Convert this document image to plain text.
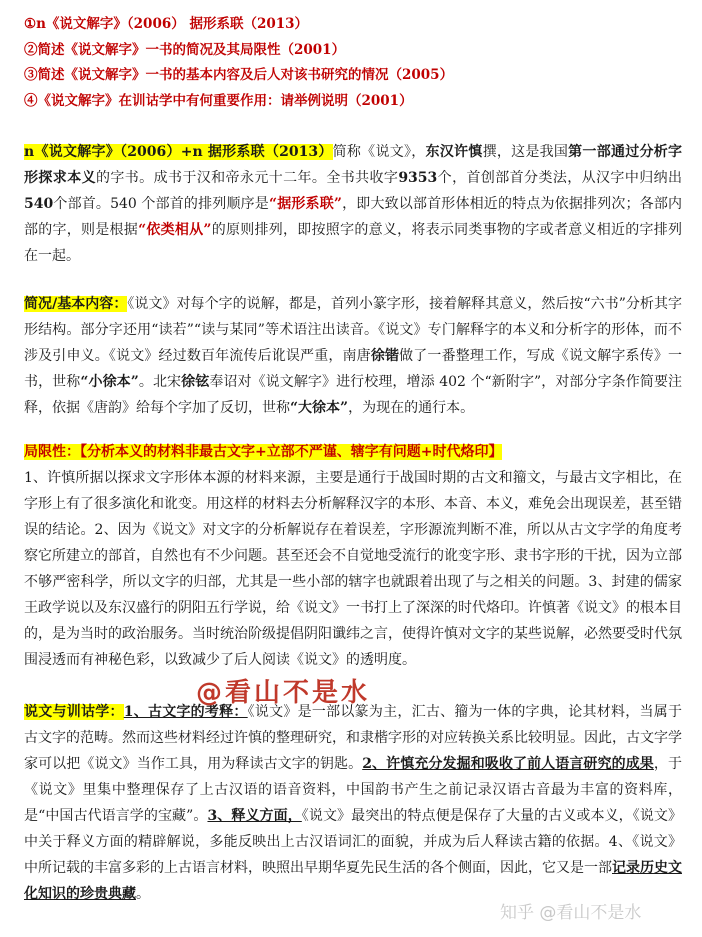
①n《说文解字》（2006） 据形系联（2013）
②简述《说文解字》一书的简况及其局限性（2001）
③简述《说文解字》一书的基本内容及后人对该书研究的情况（2005）
④《说文解字》在训诂学中有何重要作用：请举例说明（2001）

n《说文解字》（2006）+n 据形系联（2013）简称《说文》，东汉许慎撰，这是我国第一部通过分析字形探求本义的字书。成书于汉和帝永元十二年。全书共收字9353个，首创部首分类法，从汉字中归纳出540个部首。540 个部首的排列顺序是“据形系联”，即大致以部首形体相近的特点为依据排列次；各部内部的字，则是根据“依类相从”的原则排列，即按照字的意义，将表示同类事物的字或者意义相近的字排列在一起。

简况/基本内容：《说文》对每个字的说解，都是，首列小篆字形，接着解释其意义，然后按“六书”分析其字形结构。部分字还用“读若”“读与某同”等术语注出读音。《说文》专门解释字的本义和分析字的形体，而不涉及引申义。《说文》经过数百年流传后讹误严重，南唐徐锴做了一番整理工作，写成《说文解字系传》一书，世称“小徐本”。北宋徐铉奉诏对《说文解字》进行校理，增添 402 个“新附字”，对部分字条作简要注释，依据《唐韵》给每个字加了反切，世称“大徐本”，为现在的通行本。

局限性：【分析本义的材料非最古文字+立部不严谨、辖字有问题+时代烙印】

1、许慎所据以探求文字形体本源的材料来源，主要是通行于战国时期的古文和籀文，与最古文字相比，在字形上有了很多演化和讹变。用这样的材料去分析解释汉字的本形、本音、本义，难免会出现误差，甚至错误的结论。2、因为《说文》对文字的分析解说存在着误差，字形源流判断不准，所以从古文字学的角度考察它所建立的部首，自然也有不少问题。甚至还会不自觉地受流行的讹变字形、隶书字形的干扰，因为立部不够严密科学，所以文字的归部，尤其是一些小部的辖字也就跟着出现了与之相关的问题。3、封建的儒家王政学说以及东汉盛行的阴阳五行学说，给《说文》一书打上了深深的时代烙印。许慎著《说文》的根本目的，是为当时的政治服务。当时统治阶级提倡阴阳谶纬之言，使得许慎对文字的某些说解，必然要受时代氛围浸透而有神秘色彩，以致减少了后人阅读《说文》的透明度。

说文与训诂学：1、古文字的考释：《说文》是一部以篆为主，汇古、籀为一体的字典，论其材料，当属于古文字的范畴。然而这些材料经过许慎的整理研究，和隶楷字形的对应转换关系比较明显。因此，古文字学家可以把《说文》当作工具，用为释读古文字的钥匙。2、许慎充分发掘和吸收了前人语言研究的成果，于《说文》里集中整理保存了上古汉语的语音资料，中国韵书产生之前记录汉语古音最为丰富的资料库，是“中国古代语言学的宝藏”。3、释义方面，《说文》最突出的特点便是保存了大量的古义或本义，《说文》中关于释义方面的精辟解说，多能反映出上古汉语词汇的面貌，并成为后人释读古籍的依据。4、《说文》中所记载的丰富多彩的上古语言材料，映照出早期华夏先民生活的各个侧面，因此，它又是一部记录历史文化知识的珍贵典藏。

@看山不是水
知乎 @看山不是水
